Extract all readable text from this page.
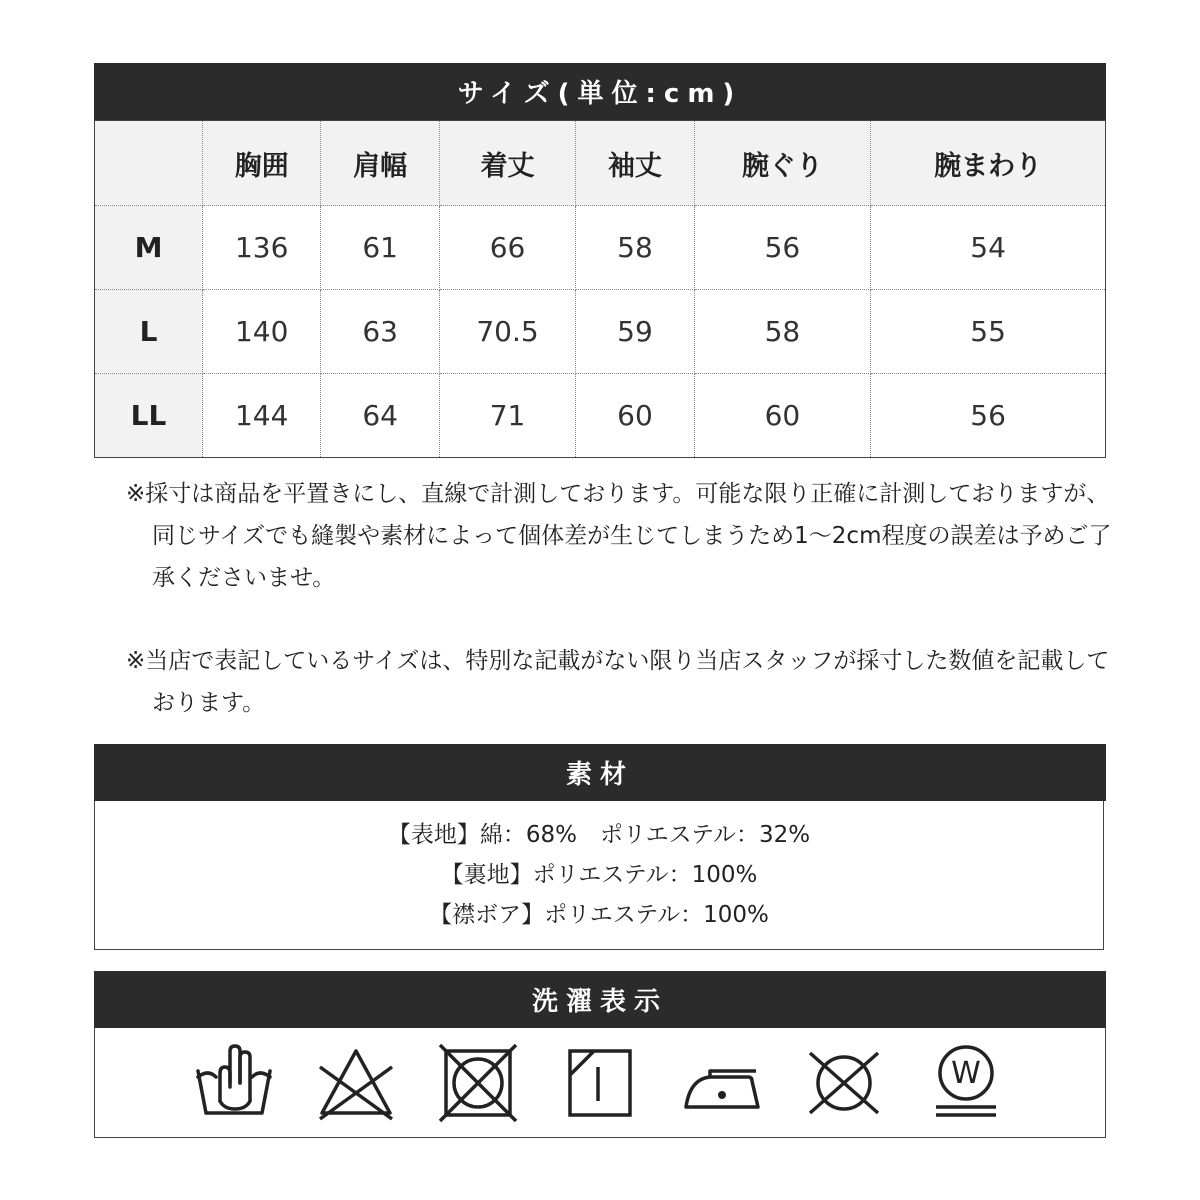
サイズ(単位:cm)
	胸囲	肩幅	着丈	袖丈	腕ぐり	腕まわり
M	136	61	66	58	56	54
L	140	63	70.5	59	58	55
LL	144	64	71	60	60	56
※採寸は商品を平置きにし、直線で計測しております。可能な限り正確に計測しておりますが、同じサイズでも縫製や素材によって個体差が生じてしまうため1～2cm程度の誤差は予めご了承くださいませ。
※当店で表記しているサイズは、特別な記載がない限り当店スタッフが採寸した数値を記載しております。
素材
【表地】綿：68%　ポリエステル：32%
【裏地】ポリエステル：100%
【襟ボア】ポリエステル：100%
洗濯表示
W
